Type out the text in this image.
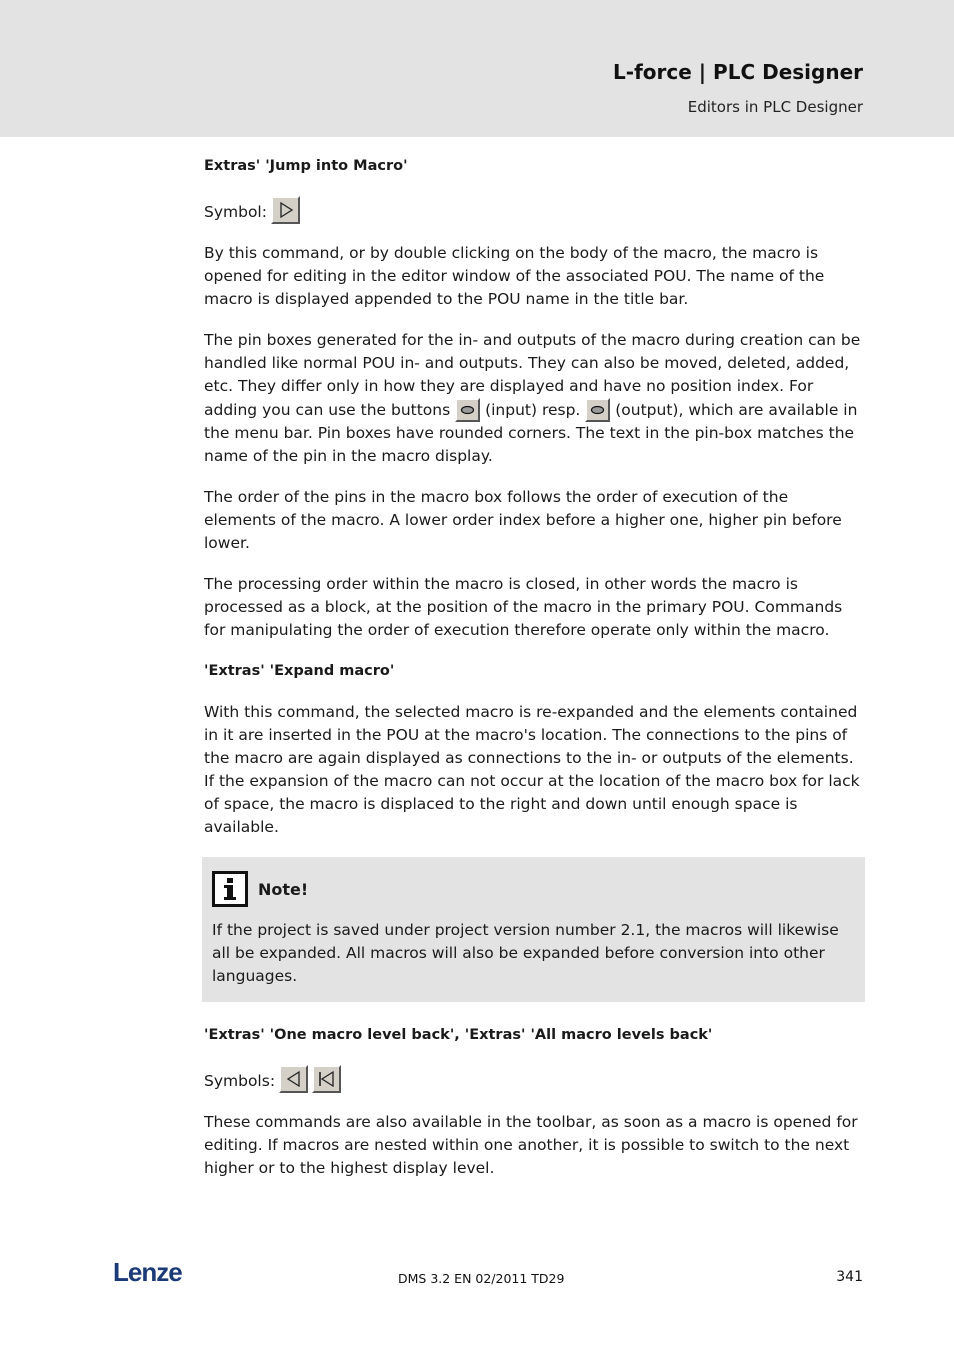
L-force | PLC Designer
Editors in PLC Designer
Extras' 'Jump into Macro'
Symbol:

By this command, or by double clicking on the body of the macro, the macro is opened for editing in the editor window of the associated POU. The name of the macro is displayed appended to the POU name in the title bar.

The pin boxes generated for the in- and outputs of the macro during creation can be handled like normal POU in- and outputs. They can also be moved, deleted, added, etc. They differ only in how they are displayed and have no position index. For adding you can use the buttons (input) resp. (output), which are available in the menu bar. Pin boxes have rounded corners. The text in the pin-box matches the name of the pin in the macro display.

The order of the pins in the macro box follows the order of execution of the elements of the macro. A lower order index before a higher one, higher pin before lower.

The processing order within the macro is closed, in other words the macro is processed as a block, at the position of the macro in the primary POU. Commands for manipulating the order of execution therefore operate only within the macro.

'Extras' 'Expand macro'

With this command, the selected macro is re-expanded and the elements contained in it are inserted in the POU at the macro's location. The connections to the pins of the macro are again displayed as connections to the in- or outputs of the elements. If the expansion of the macro can not occur at the location of the macro box for lack of space, the macro is displaced to the right and down until enough space is available.

Note!
If the project is saved under project version number 2.1, the macros will likewise all be expanded. All macros will also be expanded before conversion into other languages.
'Extras' 'One macro level back', 'Extras' 'All macro levels back'
Symbols:

These commands are also available in the toolbar, as soon as a macro is opened for editing. If macros are nested within one another, it is possible to switch to the next higher or to the highest display level.

Lenze	DMS 3.2 EN 02/2011 TD29	341
